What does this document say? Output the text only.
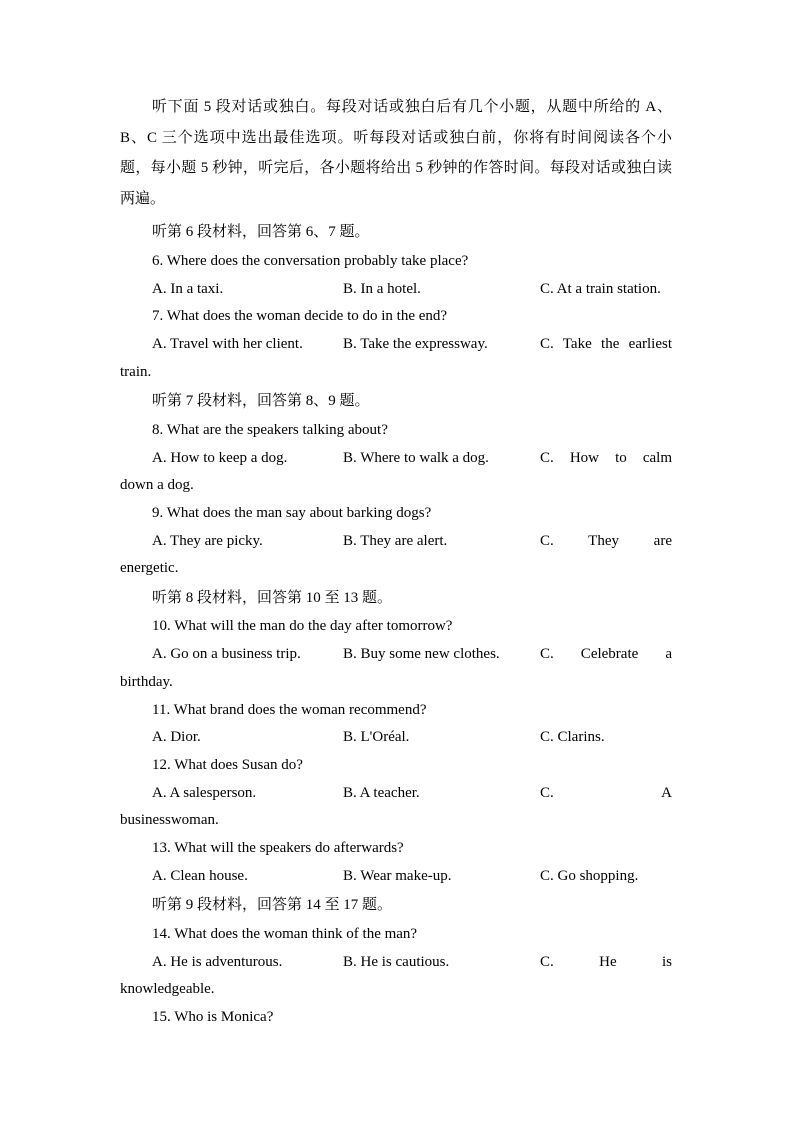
听下面 5 段对话或独白。每段对话或独白后有几个小题，从题中所给的 A、
B、C 三个选项中选出最佳选项。听每段对话或独白前，你将有时间阅读各个小
题，每小题 5 秒钟，听完后，各小题将给出 5 秒钟的作答时间。每段对话或独白读
两遍。
听第 6 段材料，回答第 6、7 题。
6. Where does the conversation probably take place?
A. In a taxi.	B. In a hotel.	C. At a train station.
7. What does the woman decide to do in the end?
A. Travel with her client.	B. Take the expressway.	C. Take the earliest
train.
听第 7 段材料，回答第 8、9 题。
8. What are the speakers talking about?
A. How to keep a dog.	B. Where to walk a dog.	C. How to calm
down a dog.
9. What does the man say about barking dogs?
A. They are picky.	B. They are alert.	C. They are
energetic.
听第 8 段材料，回答第 10 至 13 题。
10. What will the man do the day after tomorrow?
A. Go on a business trip.	B. Buy some new clothes.	C. Celebrate a
birthday.
11. What brand does the woman recommend?
A. Dior.	B. L'Oréal.	C. Clarins.
12. What does Susan do?
A. A salesperson.	B. A teacher.	C. A
businesswoman.
13. What will the speakers do afterwards?
A. Clean house.	B. Wear make-up.	C. Go shopping.
听第 9 段材料，回答第 14 至 17 题。
14. What does the woman think of the man?
A. He is adventurous.	B. He is cautious.	C. He is
knowledgeable.
15. Who is Monica?
